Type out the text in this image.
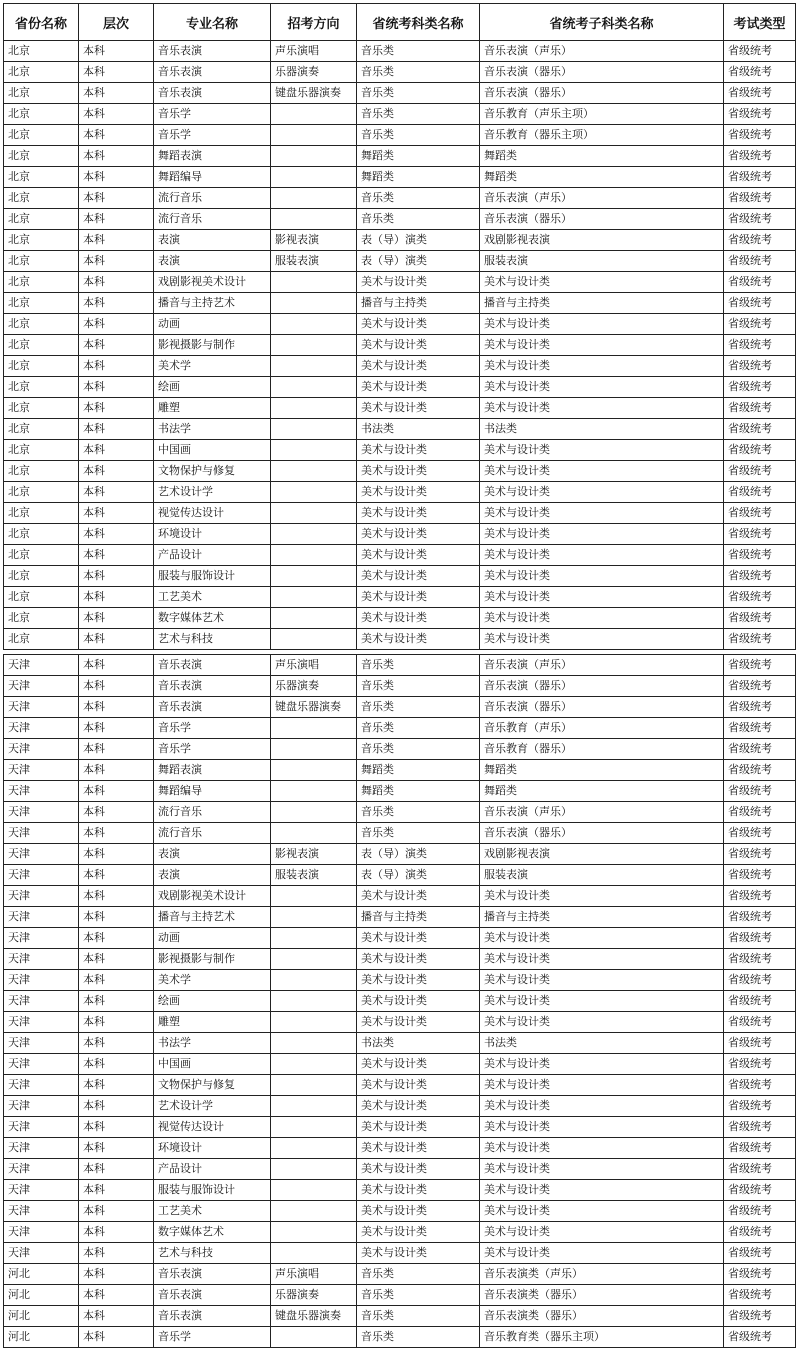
省份名称	层次	专业名称	招考方向	省统考科类名称	省统考子科类名称	考试类型
北京	本科	音乐表演	声乐演唱	音乐类	音乐表演（声乐）	省级统考
北京	本科	音乐表演	乐器演奏	音乐类	音乐表演（器乐）	省级统考
北京	本科	音乐表演	键盘乐器演奏	音乐类	音乐表演（器乐）	省级统考
北京	本科	音乐学		音乐类	音乐教育（声乐主项）	省级统考
北京	本科	音乐学		音乐类	音乐教育（器乐主项）	省级统考
北京	本科	舞蹈表演		舞蹈类	舞蹈类	省级统考
北京	本科	舞蹈编导		舞蹈类	舞蹈类	省级统考
北京	本科	流行音乐		音乐类	音乐表演（声乐）	省级统考
北京	本科	流行音乐		音乐类	音乐表演（器乐）	省级统考
北京	本科	表演	影视表演	表（导）演类	戏剧影视表演	省级统考
北京	本科	表演	服装表演	表（导）演类	服装表演	省级统考
北京	本科	戏剧影视美术设计		美术与设计类	美术与设计类	省级统考
北京	本科	播音与主持艺术		播音与主持类	播音与主持类	省级统考
北京	本科	动画		美术与设计类	美术与设计类	省级统考
北京	本科	影视摄影与制作		美术与设计类	美术与设计类	省级统考
北京	本科	美术学		美术与设计类	美术与设计类	省级统考
北京	本科	绘画		美术与设计类	美术与设计类	省级统考
北京	本科	雕塑		美术与设计类	美术与设计类	省级统考
北京	本科	书法学		书法类	书法类	省级统考
北京	本科	中国画		美术与设计类	美术与设计类	省级统考
北京	本科	文物保护与修复		美术与设计类	美术与设计类	省级统考
北京	本科	艺术设计学		美术与设计类	美术与设计类	省级统考
北京	本科	视觉传达设计		美术与设计类	美术与设计类	省级统考
北京	本科	环境设计		美术与设计类	美术与设计类	省级统考
北京	本科	产品设计		美术与设计类	美术与设计类	省级统考
北京	本科	服装与服饰设计		美术与设计类	美术与设计类	省级统考
北京	本科	工艺美术		美术与设计类	美术与设计类	省级统考
北京	本科	数字媒体艺术		美术与设计类	美术与设计类	省级统考
北京	本科	艺术与科技		美术与设计类	美术与设计类	省级统考

天津	本科	音乐表演	声乐演唱	音乐类	音乐表演（声乐）	省级统考
天津	本科	音乐表演	乐器演奏	音乐类	音乐表演（器乐）	省级统考
天津	本科	音乐表演	键盘乐器演奏	音乐类	音乐表演（器乐）	省级统考
天津	本科	音乐学		音乐类	音乐教育（声乐）	省级统考
天津	本科	音乐学		音乐类	音乐教育（器乐）	省级统考
天津	本科	舞蹈表演		舞蹈类	舞蹈类	省级统考
天津	本科	舞蹈编导		舞蹈类	舞蹈类	省级统考
天津	本科	流行音乐		音乐类	音乐表演（声乐）	省级统考
天津	本科	流行音乐		音乐类	音乐表演（器乐）	省级统考
天津	本科	表演	影视表演	表（导）演类	戏剧影视表演	省级统考
天津	本科	表演	服装表演	表（导）演类	服装表演	省级统考
天津	本科	戏剧影视美术设计		美术与设计类	美术与设计类	省级统考
天津	本科	播音与主持艺术		播音与主持类	播音与主持类	省级统考
天津	本科	动画		美术与设计类	美术与设计类	省级统考
天津	本科	影视摄影与制作		美术与设计类	美术与设计类	省级统考
天津	本科	美术学		美术与设计类	美术与设计类	省级统考
天津	本科	绘画		美术与设计类	美术与设计类	省级统考
天津	本科	雕塑		美术与设计类	美术与设计类	省级统考
天津	本科	书法学		书法类	书法类	省级统考
天津	本科	中国画		美术与设计类	美术与设计类	省级统考
天津	本科	文物保护与修复		美术与设计类	美术与设计类	省级统考
天津	本科	艺术设计学		美术与设计类	美术与设计类	省级统考
天津	本科	视觉传达设计		美术与设计类	美术与设计类	省级统考
天津	本科	环境设计		美术与设计类	美术与设计类	省级统考
天津	本科	产品设计		美术与设计类	美术与设计类	省级统考
天津	本科	服装与服饰设计		美术与设计类	美术与设计类	省级统考
天津	本科	工艺美术		美术与设计类	美术与设计类	省级统考
天津	本科	数字媒体艺术		美术与设计类	美术与设计类	省级统考
天津	本科	艺术与科技		美术与设计类	美术与设计类	省级统考
河北	本科	音乐表演	声乐演唱	音乐类	音乐表演类（声乐）	省级统考
河北	本科	音乐表演	乐器演奏	音乐类	音乐表演类（器乐）	省级统考
河北	本科	音乐表演	键盘乐器演奏	音乐类	音乐表演类（器乐）	省级统考
河北	本科	音乐学		音乐类	音乐教育类（器乐主项）	省级统考
